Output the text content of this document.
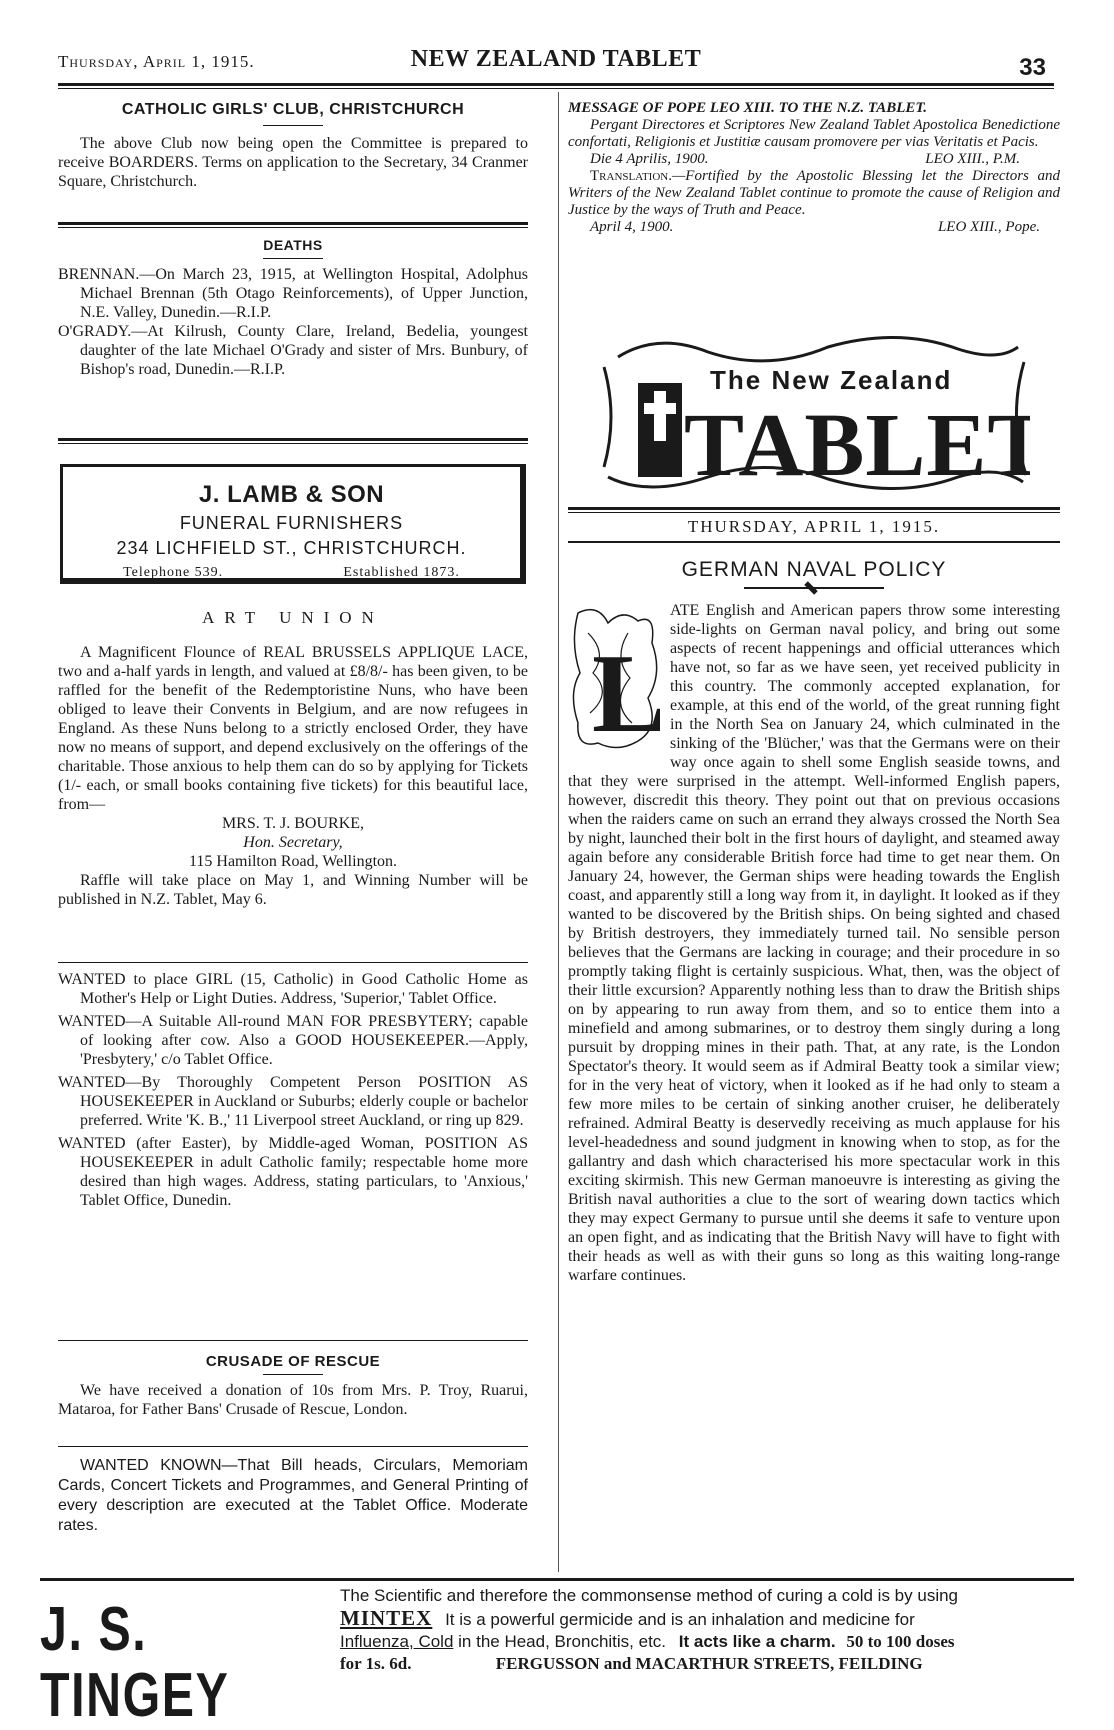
Thursday, April 1, 1915.	NEW ZEALAND TABLET	33
CATHOLIC GIRLS' CLUB, CHRISTCHURCH

The above Club now being open the Committee is prepared to receive BOARDERS. Terms on application to the Secretary, 34 Cranmer Square, Christchurch.

DEATHS

BRENNAN.—On March 23, 1915, at Wellington Hospital, Adolphus Michael Brennan (5th Otago Reinforcements), of Upper Junction, N.E. Valley, Dunedin.—R.I.P.

O'GRADY.—At Kilrush, County Clare, Ireland, Bedelia, youngest daughter of the late Michael O'Grady and sister of Mrs. Bunbury, of Bishop's road, Dunedin.—R.I.P.

J. LAMB & SON
FUNERAL FURNISHERS
234 LICHFIELD ST., CHRISTCHURCH.
Telephone 539.	Established 1873.
ART UNION

A Magnificent Flounce of REAL BRUSSELS APPLIQUE LACE, two and a-half yards in length, and valued at £8/8/- has been given, to be raffled for the benefit of the Redemptoristine Nuns, who have been obliged to leave their Convents in Belgium, and are now refugees in England. As these Nuns belong to a strictly enclosed Order, they have now no means of support, and depend exclusively on the offerings of the charitable. Those anxious to help them can do so by applying for Tickets (1/- each, or small books containing five tickets) for this beautiful lace, from—

MRS. T. J. BOURKE,

Hon. Secretary,

115 Hamilton Road, Wellington.

Raffle will take place on May 1, and Winning Number will be published in N.Z. Tablet, May 6.

WANTED to place GIRL (15, Catholic) in Good Catholic Home as Mother's Help or Light Duties. Address, 'Superior,' Tablet Office.

WANTED—A Suitable All-round MAN FOR PRESBYTERY; capable of looking after cow. Also a GOOD HOUSEKEEPER.—Apply, 'Presbytery,' c/o Tablet Office.

WANTED—By Thoroughly Competent Person POSITION AS HOUSEKEEPER in Auckland or Suburbs; elderly couple or bachelor preferred. Write 'K. B.,' 11 Liverpool street Auckland, or ring up 829.

WANTED (after Easter), by Middle-aged Woman, POSITION AS HOUSEKEEPER in adult Catholic family; respectable home more desired than high wages. Address, stating particulars, to 'Anxious,' Tablet Office, Dunedin.

CRUSADE OF RESCUE

We have received a donation of 10s from Mrs. P. Troy, Ruarui, Mataroa, for Father Bans' Crusade of Rescue, London.

WANTED KNOWN—That Bill heads, Circulars, Memoriam Cards, Concert Tickets and Programmes, and General Printing of every description are executed at the Tablet Office. Moderate rates.

MESSAGE OF POPE LEO XIII. TO THE N.Z. TABLET.

Pergant Directores et Scriptores New Zealand Tablet Apostolica Benedictione confortati, Religionis et Justitiæ causam promovere per vias Veritatis et Pacis.

Die 4 Aprilis, 1900.	LEO XIII., P.M.

Translation.—Fortified by the Apostolic Blessing let the Directors and Writers of the New Zealand Tablet continue to promote the cause of Religion and Justice by the ways of Truth and Peace.

April 4, 1900.	LEO XIII., Pope.

The New Zealand
TABLET
THURSDAY, APRIL 1, 1915.
GERMAN NAVAL POLICY
L

ATE English and American papers throw some interesting side-lights on German naval policy, and bring out some aspects of recent happenings and official utterances which have not, so far as we have seen, yet received publicity in this country. The commonly accepted explanation, for example, at this end of the world, of the great running fight in the North Sea on January 24, which culminated in the sinking of the 'Blücher,' was that the Germans were on their way once again to shell some English seaside towns, and that they were surprised in the attempt. Well-informed English papers, however, discredit this theory. They point out that on previous occasions when the raiders came on such an errand they always crossed the North Sea by night, launched their bolt in the first hours of daylight, and steamed away again before any considerable British force had time to get near them. On January 24, however, the German ships were heading towards the English coast, and apparently still a long way from it, in daylight. It looked as if they wanted to be discovered by the British ships. On being sighted and chased by British destroyers, they immediately turned tail. No sensible person believes that the Germans are lacking in courage; and their procedure in so promptly taking flight is certainly suspicious. What, then, was the object of their little excursion? Apparently nothing less than to draw the British ships on by appearing to run away from them, and so to entice them into a minefield and among submarines, or to destroy them singly during a long pursuit by dropping mines in their path. That, at any rate, is the London Spectator's theory. It would seem as if Admiral Beatty took a similar view; for in the very heat of victory, when it looked as if he had only to steam a few more miles to be certain of sinking another cruiser, he deliberately refrained. Admiral Beatty is deservedly receiving as much applause for his level-headedness and sound judgment in knowing when to stop, as for the gallantry and dash which characterised his more spectacular work in this exciting skirmish. This new German manoeuvre is interesting as giving the British naval authorities a clue to the sort of wearing down tactics which they may expect Germany to pursue until she deems it safe to venture upon an open fight, and as indicating that the British Navy will have to fight with their heads as well as with their guns so long as this waiting long-range warfare continues.

J. S. TINGEY
The Scientific and therefore the commonsense method of curing a cold is by using
MINTEX It is a powerful germicide and is an inhalation and medicine for
Influenza, Cold in the Head, Bronchitis, etc. It acts like a charm. 50 to 100 doses
for 1s. 6d.	FERGUSSON and MACARTHUR STREETS, FEILDING
